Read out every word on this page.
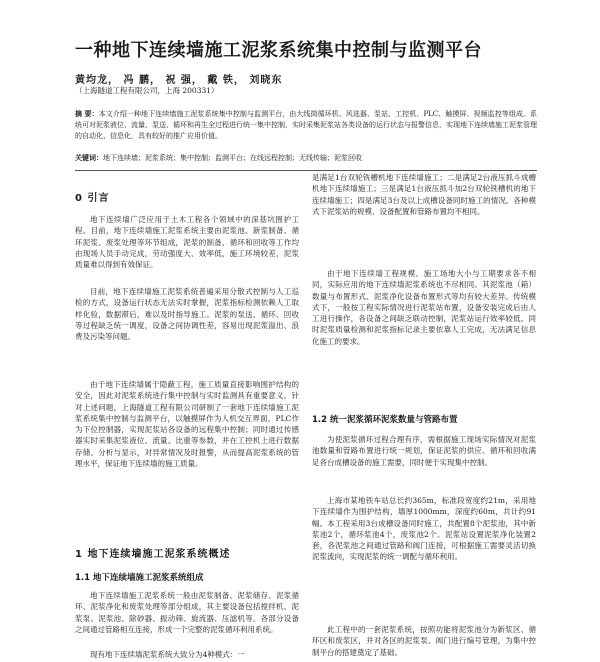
一种地下连续墙施工泥浆系统集中控制与监测平台
黄均龙， 冯 鹏， 祝 强， 戴 铁， 刘晓东
（上海隧道工程有限公司，上海 200331）
摘 要：本文介绍一种地下连续墙施工泥浆系统集中控制与监测平台，由大线筒循环机、风选器、泵站、工控机、PLC、触摸屏、视频监控等组成。系统可对泥浆液位、流量、泵送、循环和再生全过程进行统一集中控制，实时采集泥浆站各类设备的运行状态与报警信息，实现地下连续墙施工泥浆管理的自动化、信息化，具有较好的推广应用价值。
关键词：地下连续墙；泥浆系统；集中控制；监测平台；在线远程控制；无线传输；泥浆回收
0 引言

地下连续墙广泛应用于土木工程各个领域中的深基坑围护工程。目前，地下连续墙施工泥浆系统主要由泥浆池、新浆制备、循环泥浆、废浆处理等环节组成，泥浆的制备、循环和回收等工作均由现场人员手动完成，劳动强度大、效率低，施工环境较差，泥浆质量难以得到有效保证。

目前，地下连续墙施工泥浆系统普遍采用分散式控制与人工巡检的方式，设备运行状态无法实时掌握，泥浆指标检测依赖人工取样化验，数据滞后，难以及时指导施工。泥浆的泵送、循环、回收等过程缺乏统一调度，设备之间协调性差，容易出现泥浆溢出、浪费及污染等问题。

由于地下连续墙属于隐蔽工程，施工质量直接影响围护结构的安全，因此对泥浆系统进行集中控制与实时监测具有重要意义。针对上述问题，上海隧道工程有限公司研制了一套地下连续墙施工泥浆系统集中控制与监测平台，以触摸屏作为人机交互界面，PLC作为下位控制器，实现泥浆站各设备的远程集中控制；同时通过传感器实时采集泥浆液位、流量、比重等参数，并在工控机上进行数据存储、分析与显示，对异常情况及时报警，从而提高泥浆系统的管理水平，保证地下连续墙的施工质量。

1 地下连续墙施工泥浆系统概述
1.1 地下连续墙施工泥浆系统组成

地下连续墙施工泥浆系统一般由泥浆制备、泥浆储存、泥浆循环、泥浆净化和废浆处理等部分组成，其主要设备包括搅拌机、泥浆泵、泥浆池、除砂器、振动筛、旋流器、压滤机等。各部分设备之间通过管路相互连接，形成一个完整的泥浆循环利用系统。

现有地下连续墙泥浆系统大致分为4种模式：一

是满足1台双轮铣槽机地下连续墙施工；二是满足2台液压抓斗成槽机地下连续墙施工；三是满足1台液压抓斗加2台双轮铣槽机的地下连续墙施工；四是满足3台及以上成槽设备同时施工的情况。各种模式下泥浆站的规模、设备配置和管路布置均不相同。

由于地下连续墙工程规模、施工场地大小与工期要求各不相同，实际应用的地下连续墙泥浆系统也不尽相同。其泥浆池（箱）数量与布置形式、泥浆净化设备布置形式等均有较大差异。传统模式下，一般按工程实际情况进行泥浆站布置，设备安装完成后由人工进行操作，各设备之间缺乏联动控制，泥浆站运行效率较低。同时泥浆质量检测和泥浆指标记录主要依靠人工完成，无法满足信息化施工的要求。

1.2 统一泥浆循环泥浆数量与管路布置

为使泥浆循环过程合理有序，需根据施工现场实际情况对泥浆池数量和管路布置进行统一规划，保证泥浆的供应、循环和回收满足各台成槽设备的施工需要，同时便于实现集中控制。

上海市某地铁车站总长约365m，标准段宽度约21m，采用地下连续墙作为围护结构，墙厚1000mm，深度约60m，共计约91幅。本工程采用3台成槽设备同时施工，共配置8个泥浆池，其中新浆池2个，循环浆池4个，废浆池2个。泥浆站设置泥浆净化装置2套，各泥浆池之间通过管路和阀门连接，可根据施工需要灵活切换泥浆流向，实现泥浆的统一调配与循环利用。

此工程中的一套泥浆系统，按照功能将泥浆池分为新浆区、循环区和废浆区，并对各区的泥浆泵、阀门进行编号管理，为集中控制平台的搭建奠定了基础。
